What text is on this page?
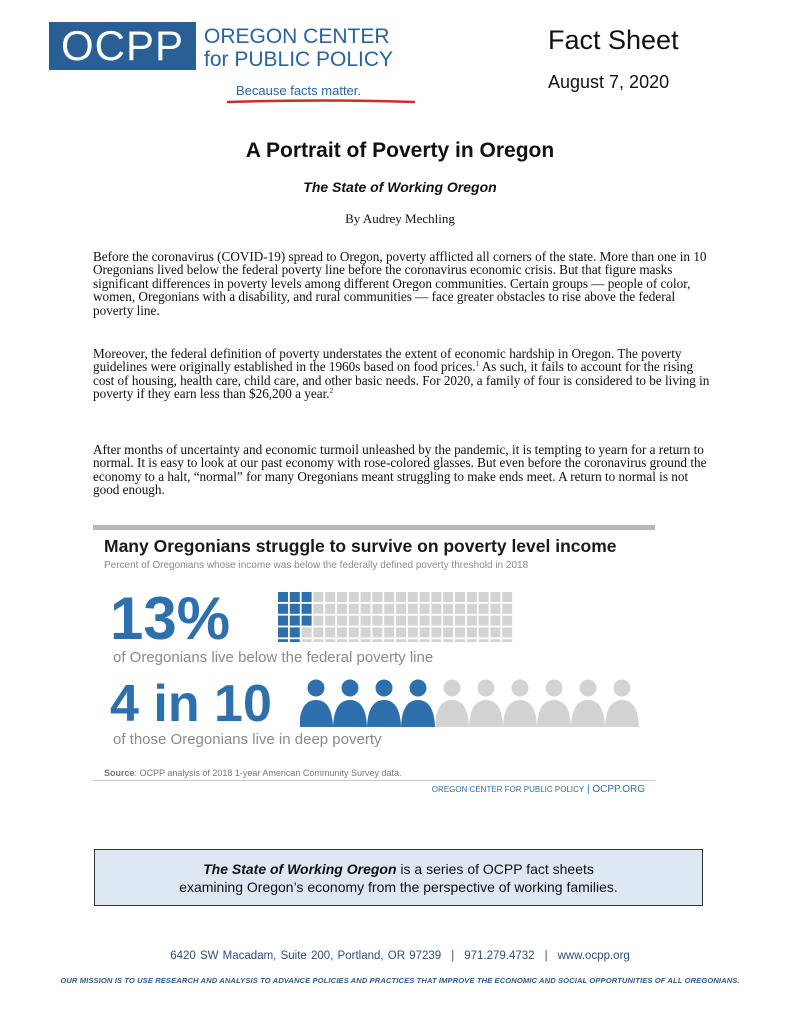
OCPP OREGON CENTER
for PUBLIC POLICY
Because facts matter.
Fact Sheet
August 7, 2020
A Portrait of Poverty in Oregon
The State of Working Oregon
By Audrey Mechling
Before the coronavirus (COVID-19) spread to Oregon, poverty afflicted all corners of the state. More than one in 10 Oregonians lived below the federal poverty line before the coronavirus economic crisis. But that figure masks significant differences in poverty levels among different Oregon communities. Certain groups — people of color, women, Oregonians with a disability, and rural communities — face greater obstacles to rise above the federal poverty line.
Moreover, the federal definition of poverty understates the extent of economic hardship in Oregon. The poverty guidelines were originally established in the 1960s based on food prices.$^1$ As such, it fails to account for the rising cost of housing, health care, child care, and other basic needs. For 2020, a family of four is considered to be living in poverty if they earn less than $26,200 a year.$^2$
After months of uncertainty and economic turmoil unleashed by the pandemic, it is tempting to yearn for a return to normal. It is easy to look at our past economy with rose-colored glasses. But even before the coronavirus ground the economy to a halt, “normal” for many Oregonians meant struggling to make ends meet. A return to normal is not good enough.
Many Oregonians struggle to survive on poverty level income
Percent of Oregonians whose income was below the federally defined poverty threshold in 2018
13%
of Oregonians live below the federal poverty line
4 in 10
of those Oregonians live in deep poverty
Source: OCPP analysis of 2018 1-year American Community Survey data.
OREGON CENTER FOR PUBLIC POLICY | OCPP.ORG
The State of Working Oregon is a series of OCPP fact sheets
examining Oregon’s economy from the perspective of working families.
6420 SW Macadam, Suite 200, Portland, OR 97239 | 971.279.4732 | www.ocpp.org
OUR MISSION IS TO USE RESEARCH AND ANALYSIS TO ADVANCE POLICIES AND PRACTICES THAT IMPROVE THE ECONOMIC AND SOCIAL OPPORTUNITIES OF ALL OREGONIANS.
